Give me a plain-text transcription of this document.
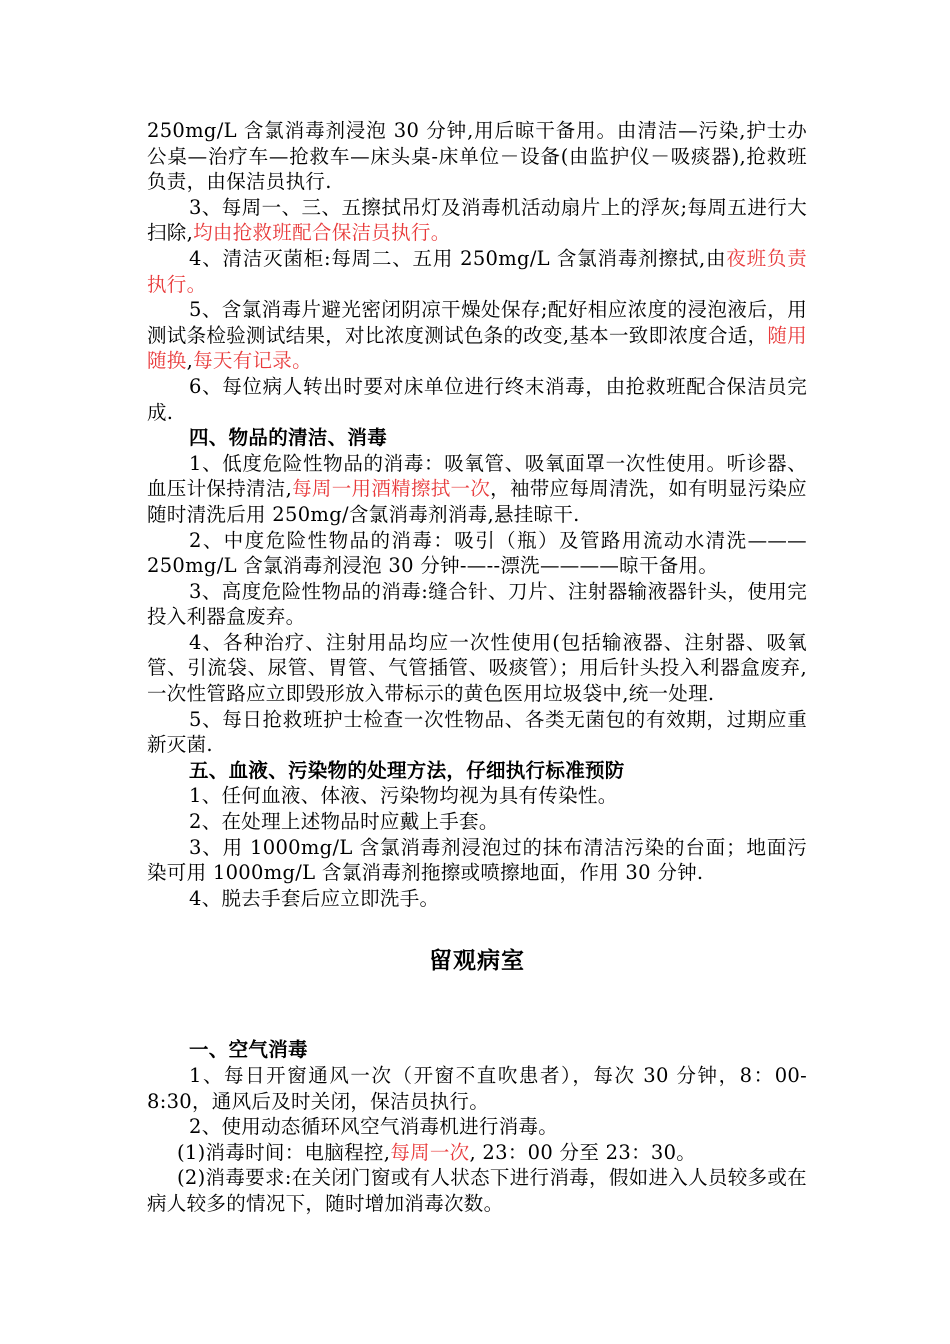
250mg/L 含氯消毒剂浸泡 30 分钟,用后晾干备用。由清洁—污染,护士办公桌—治疗车—抢救车—床头桌-床单位－设备(由监护仪－吸痰器),抢救班负责，由保洁员执行.
3、每周一、三、五擦拭吊灯及消毒机活动扇片上的浮灰;每周五进行大扫除,均由抢救班配合保洁员执行。
4、清洁灭菌柜:每周二、五用 250mg/L 含氯消毒剂擦拭,由夜班负责执行。
5、含氯消毒片避光密闭阴凉干燥处保存;配好相应浓度的浸泡液后，用测试条检验测试结果，对比浓度测试色条的改变,基本一致即浓度合适，随用随换,每天有记录。
6、每位病人转出时要对床单位进行终末消毒，由抢救班配合保洁员完成.
四、物品的清洁、消毒
1、低度危险性物品的消毒：吸氧管、吸氧面罩一次性使用。听诊器、血压计保持清洁,每周一用酒精擦拭一次，袖带应每周清洗，如有明显污染应随时清洗后用 250mg/含氯消毒剂消毒,悬挂晾干.
2、中度危险性物品的消毒：吸引（瓶）及管路用流动水清洗———250mg/L 含氯消毒剂浸泡 30 分钟-—--漂洗————晾干备用。
3、高度危险性物品的消毒:缝合针、刀片、注射器输液器针头，使用完投入利器盒废弃。
4、各种治疗、注射用品均应一次性使用(包括输液器、注射器、吸氧管、引流袋、尿管、胃管、气管插管、吸痰管）；用后针头投入利器盒废弃,一次性管路应立即毁形放入带标示的黄色医用垃圾袋中,统一处理.
5、每日抢救班护士检查一次性物品、各类无菌包的有效期，过期应重新灭菌.
五、血液、污染物的处理方法，仔细执行标准预防
1、任何血液、体液、污染物均视为具有传染性。
2、在处理上述物品时应戴上手套。
3、用 1000mg/L 含氯消毒剂浸泡过的抹布清洁污染的台面；地面污染可用 1000mg/L 含氯消毒剂拖擦或喷擦地面，作用 30 分钟.
4、脱去手套后应立即洗手。
留观病室
一、空气消毒
1、每日开窗通风一次（开窗不直吹患者），每次 30 分钟，8：00-8:30，通风后及时关闭，保洁员执行。
2、使用动态循环风空气消毒机进行消毒。
(1)消毒时间：电脑程控,每周一次, 23：00 分至 23：30。
(2)消毒要求:在关闭门窗或有人状态下进行消毒，假如进入人员较多或在病人较多的情况下，随时增加消毒次数。
